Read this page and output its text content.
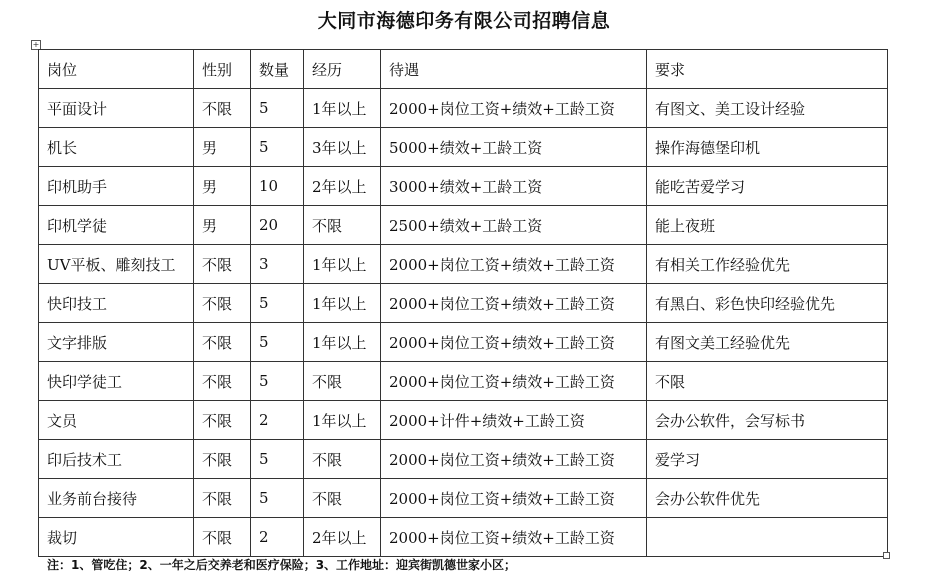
大同市海德印务有限公司招聘信息
+
岗位	性别	数量	经历	待遇	要求
平面设计	不限	5	1年以上	2000+岗位工资+绩效+工龄工资	有图文、美工设计经验
机长	男	5	3年以上	5000+绩效+工龄工资	操作海德堡印机
印机助手	男	10	2年以上	3000+绩效+工龄工资	能吃苦爱学习
印机学徒	男	20	不限	2500+绩效+工龄工资	能上夜班
UV平板、雕刻技工	不限	3	1年以上	2000+岗位工资+绩效+工龄工资	有相关工作经验优先
快印技工	不限	5	1年以上	2000+岗位工资+绩效+工龄工资	有黑白、彩色快印经验优先
文字排版	不限	5	1年以上	2000+岗位工资+绩效+工龄工资	有图文美工经验优先
快印学徒工	不限	5	不限	2000+岗位工资+绩效+工龄工资	不限
文员	不限	2	1年以上	2000+计件+绩效+工龄工资	会办公软件，会写标书
印后技术工	不限	5	不限	2000+岗位工资+绩效+工龄工资	爱学习
业务前台接待	不限	5	不限	2000+岗位工资+绩效+工龄工资	会办公软件优先
裁切	不限	2	2年以上	2000+岗位工资+绩效+工龄工资	
注：1、管吃住；2、一年之后交养老和医疗保险；3、工作地址：迎宾街凯德世家小区；
